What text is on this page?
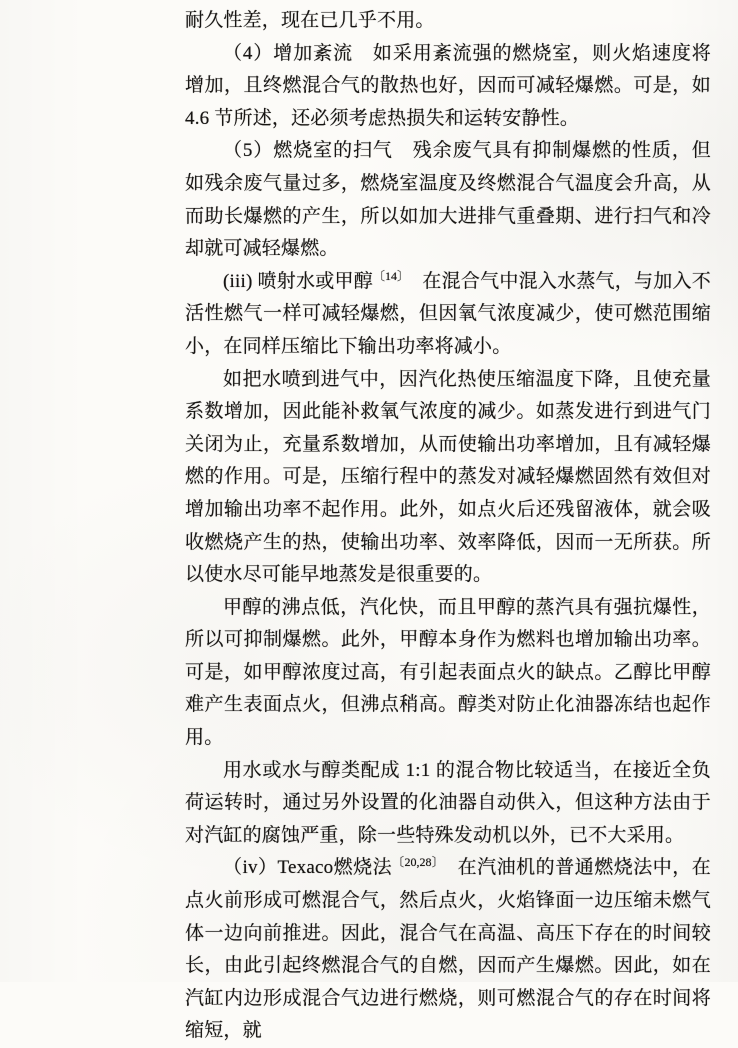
耐久性差，现在已几乎不用。

（4）增加紊流　如采用紊流强的燃烧室，则火焰速度将增加，且终燃混合气的散热也好，因而可减轻爆燃。可是，如 4.6 节所述，还必须考虑热损失和运转安静性。

（5）燃烧室的扫气　残余废气具有抑制爆燃的性质，但如残余废气量过多，燃烧室温度及终燃混合气温度会升高，从而助长爆燃的产生，所以如加大进排气重叠期、进行扫气和冷却就可减轻爆燃。

(iii) 喷射水或甲醇$^{〔14〕}$　在混合气中混入水蒸气，与加入不活性燃气一样可减轻爆燃，但因氧气浓度减少，使可燃范围缩小，在同样压缩比下输出功率将减小。

如把水喷到进气中，因汽化热使压缩温度下降，且使充量系数增加，因此能补救氧气浓度的减少。如蒸发进行到进气门关闭为止，充量系数增加，从而使输出功率增加，且有减轻爆燃的作用。可是，压缩行程中的蒸发对减轻爆燃固然有效但对增加输出功率不起作用。此外，如点火后还残留液体，就会吸收燃烧产生的热，使输出功率、效率降低，因而一无所获。所以使水尽可能早地蒸发是很重要的。

甲醇的沸点低，汽化快，而且甲醇的蒸汽具有强抗爆性，所以可抑制爆燃。此外，甲醇本身作为燃料也增加输出功率。可是，如甲醇浓度过高，有引起表面点火的缺点。乙醇比甲醇难产生表面点火，但沸点稍高。醇类对防止化油器冻结也起作用。

用水或水与醇类配成 1:1 的混合物比较适当，在接近全负荷运转时，通过另外设置的化油器自动供入，但这种方法由于对汽缸的腐蚀严重，除一些特殊发动机以外，已不大采用。

（iv）Texaco燃烧法$^{〔20,28〕}$　在汽油机的普通燃烧法中，在点火前形成可燃混合气，然后点火，火焰锋面一边压缩未燃气体一边向前推进。因此，混合气在高温、高压下存在的时间较长，由此引起终燃混合气的自燃，因而产生爆燃。因此，如在汽缸内边形成混合气边进行燃烧，则可燃混合气的存在时间将缩短，就
